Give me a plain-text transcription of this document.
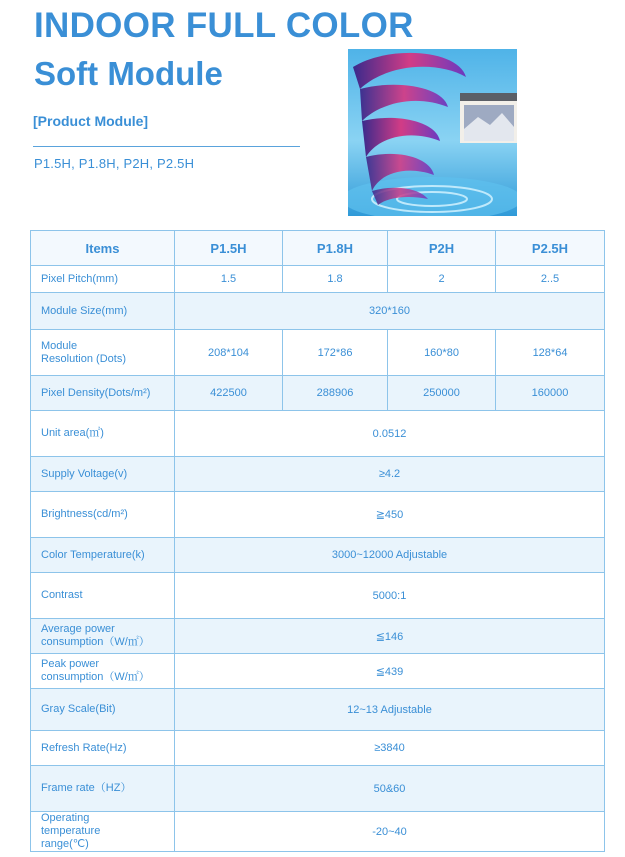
INDOOR FULL COLOR
Soft Module
[Product Module]
P1.5H, P1.8H, P2H, P2.5H
Items	P1.5H	P1.8H	P2H	P2.5H
Pixel Pitch(mm)	1.5	1.8	2	2..5
Module Size(mm)	320*160			
Module
Resolution (Dots)	208*104	172*86	160*80	128*64
Pixel Density(Dots/m²)	422500	288906	250000	160000
Unit area(㎡)	0.0512			
Supply Voltage(v)	≥4.2			
Brightness(cd/m²)	≧450			
Color Temperature(k)	3000~12000 Adjustable			
Contrast	5000:1			
Average power
consumption（W/㎡）	≦146			
Peak power
consumption（W/㎡）	≦439			
Gray Scale(Bit)	12~13 Adjustable			
Refresh Rate(Hz)	≥3840			
Frame rate（HZ）	50&60			
Operating
temperature
range(℃)	-20~40			
